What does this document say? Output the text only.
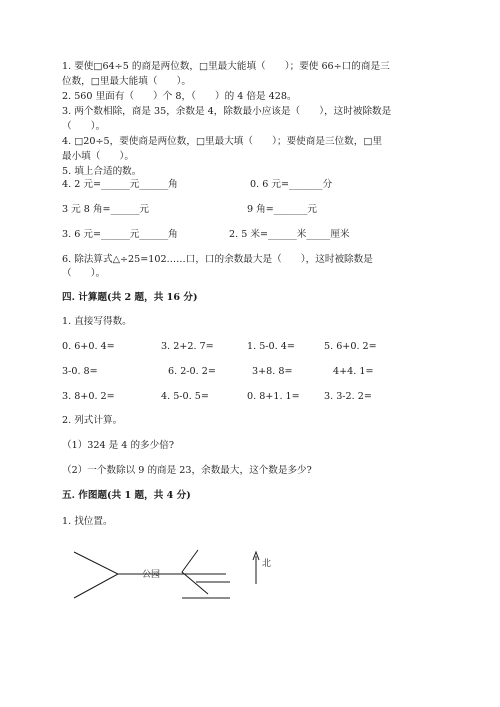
1. 要使□64÷5 的商是两位数，□里最大能填（　　）；要使 66÷口的商是三
位数，□里最大能填（　　）。
2. 560 里面有（　　）个 8，（　　）的 4 倍是 428。
3. 两个数相除，商是 35，余数是 4，除数最小应该是（　　），这时被除数是
（　　）。
4. □20÷5，要使商是两位数，□里最大填（　　）；要使商是三位数，□里
最小填（　　）。
5. 填上合适的数。
4. 2 元=______元______角	0. 6 元=_______分
3 元 8 角=______元	9 角=_______元
3. 6 元=______元______角	2. 5 米=______米_____厘米
6. 除法算式△÷25=102……口，口的余数最大是（　　），这时被除数是
（　　）。
四. 计算题(共 2 题，共 16 分)
1. 直接写得数。
0. 6+0. 4=	3. 2+2. 7=	1. 5-0. 4=	5. 6+0. 2=
3-0. 8=	6. 2-0. 2=	3+8. 8=	4+4. 1=
3. 8+0. 2=	4. 5-0. 5=	0. 8+1. 1=	3. 3-2. 2=
2. 列式计算。
（1）324 是 4 的多少倍?
（2）一个数除以 9 的商是 23，余数最大，这个数是多少?
五. 作图题(共 1 题，共 4 分)
1. 找位置。
公园
北
